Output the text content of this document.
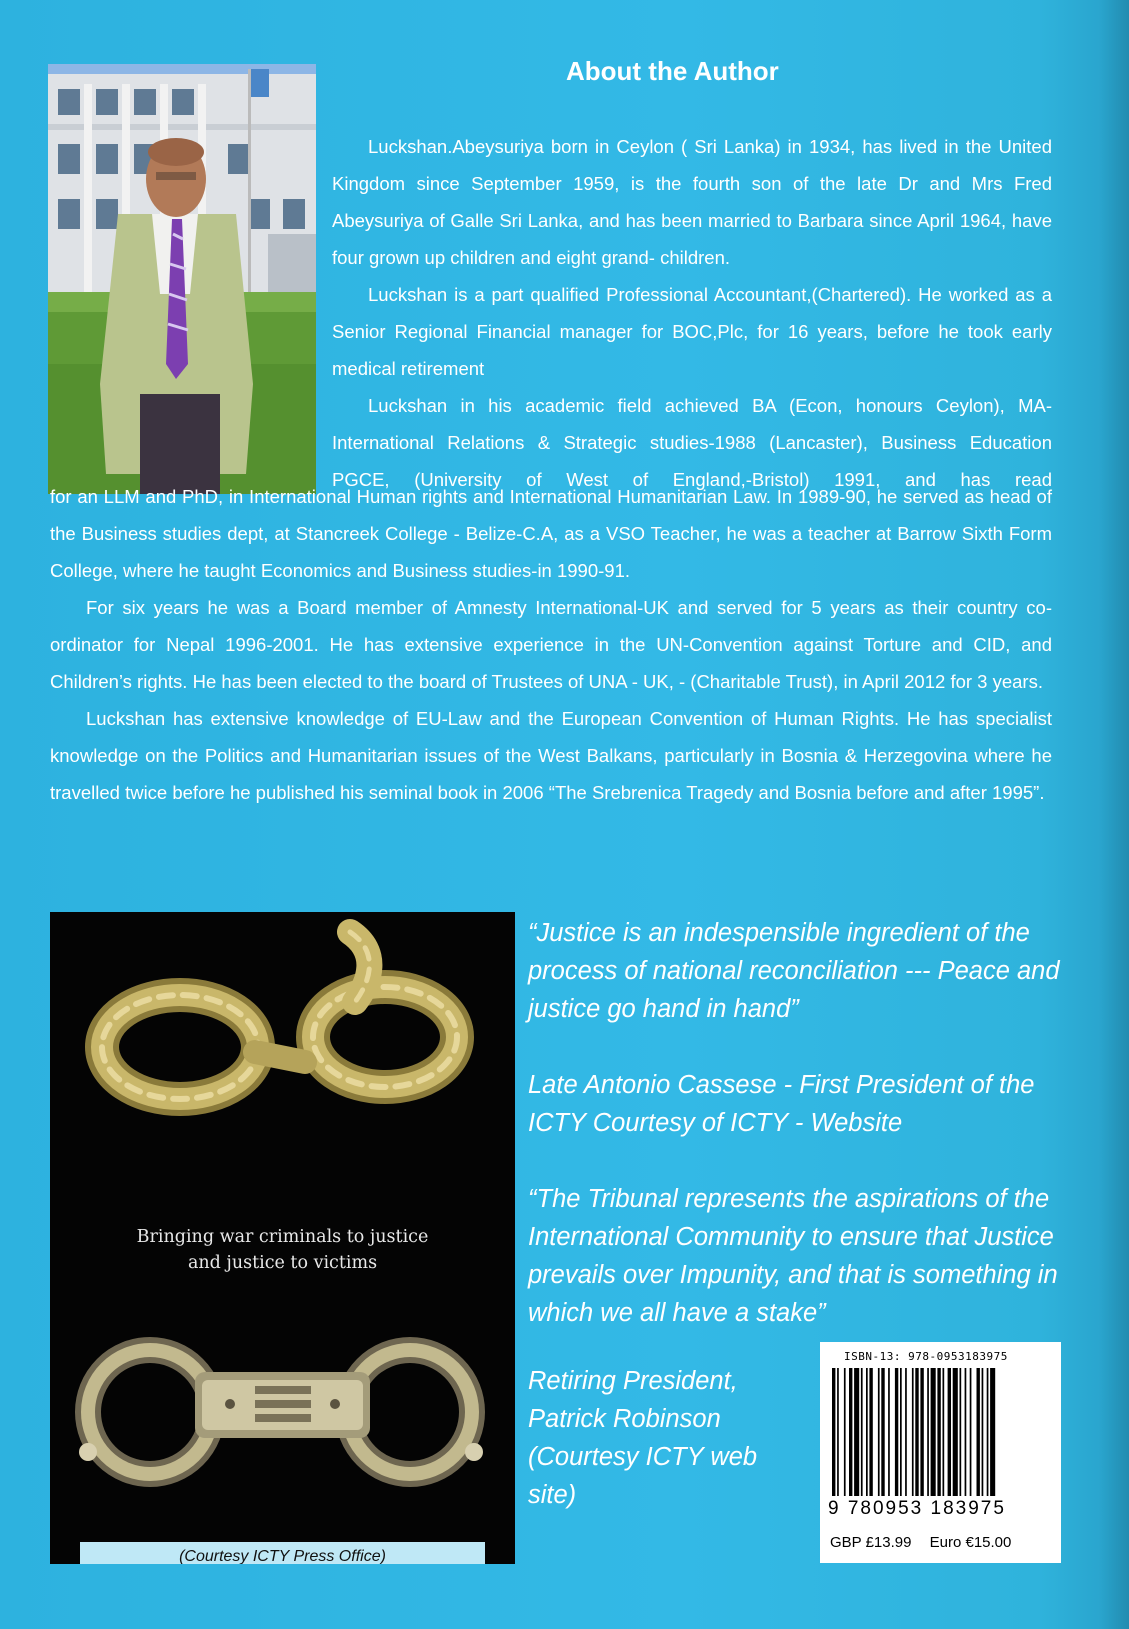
About the Author

Luckshan.Abeysuriya born in Ceylon ( Sri Lanka) in 1934, has lived in the United Kingdom since September 1959, is the fourth son of the late Dr and Mrs Fred Abeysuriya of Galle Sri Lanka, and has been married to Barbara since April 1964, have four grown up children and eight grand- children.

Luckshan is a part qualified Professional Accountant,(Chartered). He worked as a Senior Regional Financial manager for BOC,Plc, for 16 years, before he took early medical retirement

Luckshan in his academic field achieved BA (Econ, honours Ceylon), MA-International Relations & Strategic studies-1988 (Lancaster), Business Education PGCE, (University of West of England,-Bristol) 1991, and has read

for an LLM and PhD, in International Human rights and International Humanitarian Law. In 1989-90, he served as head of the Business studies dept, at Stancreek College - Belize-C.A, as a VSO Teacher, he was a teacher at Barrow Sixth Form College, where he taught Economics and Business studies-in 1990-91.

For six years he was a Board member of Amnesty International-UK and served for 5 years as their country co-ordinator for Nepal 1996-2001. He has extensive experience in the UN-Convention against Torture and CID, and Children’s rights. He has been elected to the board of Trustees of UNA - UK, - (Charitable Trust), in April 2012 for 3 years.

Luckshan has extensive knowledge of EU-Law and the European Convention of Human Rights. He has specialist knowledge on the Politics and Humanitarian issues of the West Balkans, particularly in Bosnia & Herzegovina where he travelled twice before he published his seminal book in 2006 “The Srebrenica Tragedy and Bosnia before and after 1995”.

Bringing war criminals to justice
and justice to victims
(Courtesy ICTY Press Office)

“Justice is an indespensible ingredient of the process of national reconciliation --- Peace and justice go hand in hand”

Late Antonio Cassese - First President of the ICTY Courtesy of ICTY - Website

“The Tribunal represents the aspirations of the International Community to ensure that Justice prevails over Impunity, and that is something in which we all have a stake”

Retiring President, Patrick Robinson (Courtesy ICTY web site)

ISBN-13: 978-0953183975
9 780953 183975
GBP £13.99 Euro €15.00
